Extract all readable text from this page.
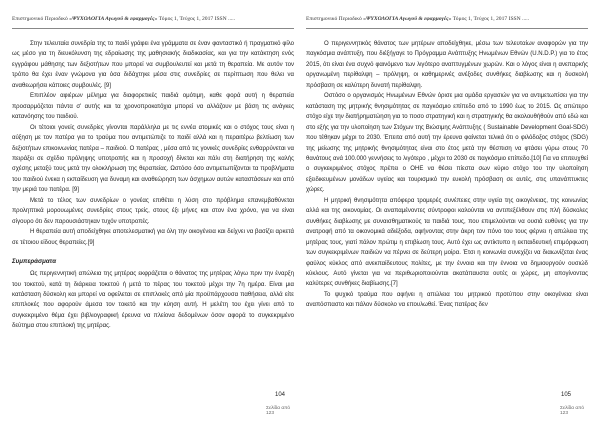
Επιστημονικό Περιοδικό «ΨΥΧΟΛΟΓΙΑ Αγωγού & εφαρμογές» Τόμος 1, Τεύχος 1, 2017 ISSN .....

Στην τελευταία συνεδρία της το παιδί γράφει ένα γράμματα σε έναν φανταστικό ή πραγματικό φίλο ως μέσο για τη διευκόλυνση της εδραίωσης της μαθησιακής διαδικασίας, και για την κατάκτηση ενός εγγράφου μάθησης των δεξιοτήτων που μπορεί να συμβουλευτεί και μετά τη θεραπεία. Με αυτόν τον τρόπο θα έχει έναν γνώμονα για όσα διδάχτηκε μέσα στις συνεδρίες σε περίπτωση που θελει να αναθεωρήσει κάποιες συμβουλές. [9]

Επιπλέον αφιέρων μέλημα για διαφορετικές παιδιά ομότιμη, καθε φορά αυτή η θεραπεία προσαρμόζεται πάντα σ' αυτής και τα χρονοπροκατόχια μπορεί να αλλάζουν με βάση τις ανάγκες κατανόησης του παιδιού.

Οι τέτοιοι γονείς συνεδρίες γίνονται παράλληλα με τις εννέα ατομικές και ο στόχος τους είναι η αύξηση με τον πατέρα για το τραύμα που αντιμετώπιζε το παιδί αλλά και η περαιτέρω βελτίωση των δεξιοτήτων επικοινωνίας πατέρα – παιδιού. Ο πατέρας , μέσα από τις γονικές συνεδρίες ενθαρρύνεται να πειράξει σε σχέδιο πρόληψης υποτροπής και η προσοχή δίνεται και πάλι στη διατήρηση της καλής σχέσης μεταξύ τους μετά την ολοκλήρωση της θεραπείας. Ωστόσο όσο αντιμετωπίζονται τα προβλήματα του παιδιού ένεκα η εκπαίδευση για δυναμη και αναθεώρηση των άσχημων αυτών καταστάσεων και από την μεριά του πατέρα. [9]

Μετά το τέλος των συνεδρίων ο γονέας επιθέτει η λύση στο πρόβλημα επανεμβαθύνεται προληπτικά μορουωμένες συνεδρίες στους τρείς, στους έξι μήνες και στον ένα χρόνο, για να είναι σίγουρο ότι δεν παρουσιάστηκαν τυχόν υποτροπές.

Η θεραπεία αυτή αποδείχθηκε αποτελεσματική για όλη την οικογένεια και δείχνει να βασίζει αρκετά σε τέτοιου είδους θεραπείες.[9]

Συμπεράσματα

Ως περιγεννητική απώλεια της μητέρας εκφράζεται ο θάνατος της μητέρας λόγω πριν την έναρξη του τοκετού, κατά τη διάρκεια τοκετού ή μετά το πέρας του τοκετού μέχρι την 7η ημέρα. Είναι μια κατάσταση δύσκολη και μπορεί να οφείλεται σε επιπλοκές από μία προϋπάρχουσα παθήσεια, αλλά είτε επιπλοκές που αφορούν άμεσα τον τοκετό και την κύηση αυτή. Η μελέτη του έχει γίνει από το συγκεκριμένο θέμα έχει βιβλιογραφική έρευνα να πλείονα δεδομένων όσον αφορά το συγκεκριμένο δεύτημα στου επιπλοκή της μητέρας.

104
Σελίδα από 123
Επιστημονικό Περιοδικό «ΨΥΧΟΛΟΓΙΑ Αγωγού & εφαρμογές» Τόμος 1, Τεύχος 1, 2017 ISSN .....

Ο περιγεννητικός θάνατος των μητέρων αποδείχθηκε, μέσω των τελευταίων αναφορών για την παγκόσμια ανάπτυξη, που διέξήγαγε το Πρόγραμμα Ανάπτυξης Ηνωμένων Εθνών (U.N.D.P.) για το έτος 2015, ότι είναι ένα συχνό φαινόμενο των λιγότερο αναπτυγμένων χωρών. Και ο λόγος είναι η ανεπαρκής οργανωμένη περίθαλψη – πρόληψη, οι καθημερινές ανέξοδες συνθήκες διαβίωσης και η δυσκολή πρόσβαση σε καλύτερη δυνατή περίθαλψη.

Οστόσο ο οργανισμός Ηνωμένων Εθνών όρισε μια ομάδα εργασιών για να αντιμετωπίσει για την κατάσταση της μητρικής θνησιμότητας σε παγκόσμιο επίπεδο από το 1990 έως το 2015. Ως απώτερο στόχο είχε την διατήρηματώηση για το ποσο στρατηγική και η στρατηγικής θα ακολουθήθούν από εδώ και στο εξής για την υλοποίηση των Στόχων της Βιώσιμης Ανάπτυξης ( Sustainable Development Goal-SDG) που τέθηκαν μέχρι το 2030. Έπειτα από αυτή την έρευνα φαίνεται τελικά ότι ο φιλόδοξος στόχος (SDG) της μείωσης της μητρικής θνησιμότητας είναι στο έτος μετά την θέσπιση να φτάσει γύρω στους 70 θανάτους ανά 100.000 γεννήσεις το λιγότερο , μέχρι το 2030 σε παγκόσμιο επίπεδο.[10] Για να επιτευχθεί ο συγκεκριμένος στόχος πρέπει ο ΟΗΕ να θέσει πίεστα σων κύριο στόχο του την υλοποίηση εξειδικευμένων μονάδων υγείας και τουρισμικό την ευκολή πρόσβαση σε αυτές, στις υπανάπτυκτες χώρες.

Η μητρική θνησιμότητα απόφερα τρομερές συνέπειες στην υγεία της οικογένειας, της κοινωνίας αλλά και της οικονομίας. Οι αναπαμένοντες σύντροφοι καλούνται να αντιπεξέλθουν στις πλή δύσκολες συνθήκες διαβίωσης με συναισθηματικούς τα παιδιά τους, που επιμελούνται να ουσιά ευθύνες για την ανατροφή από τα οικονομικά αδιέξοδα, αφήνοντας στην άκρη τον πόνο του τους φέρνει η απώλεια της μητέρας τους, γιατί πάλον πρώτιμ η επιβίωση τους. Αυτό έχει ως αντίκτυπο η εκπαιδευτική επιμόρφωση των συγκεκριμένων παιδιών να πέρνει σε δεύτερη μοίρα. Έτσι η κοινωνία συνεχίζει να διαιωνίζεται ένας φαύλος κύκλος από ανεκπαίδευτους πολίτες, με την έννοια και την έννοια να δημιουργούν ουσιώδ κύκλους. Αυτό γίνεται για να περιθωριοποιούνται ακατάπαυστα ουτές οι χώρες, μη απογίνοντας καλύτερες συνθήκες διαβίωσης.[7]

Το ψυχικό τραύμα που αφήνει η απώλεια του μητρικού προτύπου στην οικογένεια είναι αναπόσπαστο και πάλον δύσκολο να επουλωθεί. Ένας πατέρας δεν

105
Σελίδα από 123
